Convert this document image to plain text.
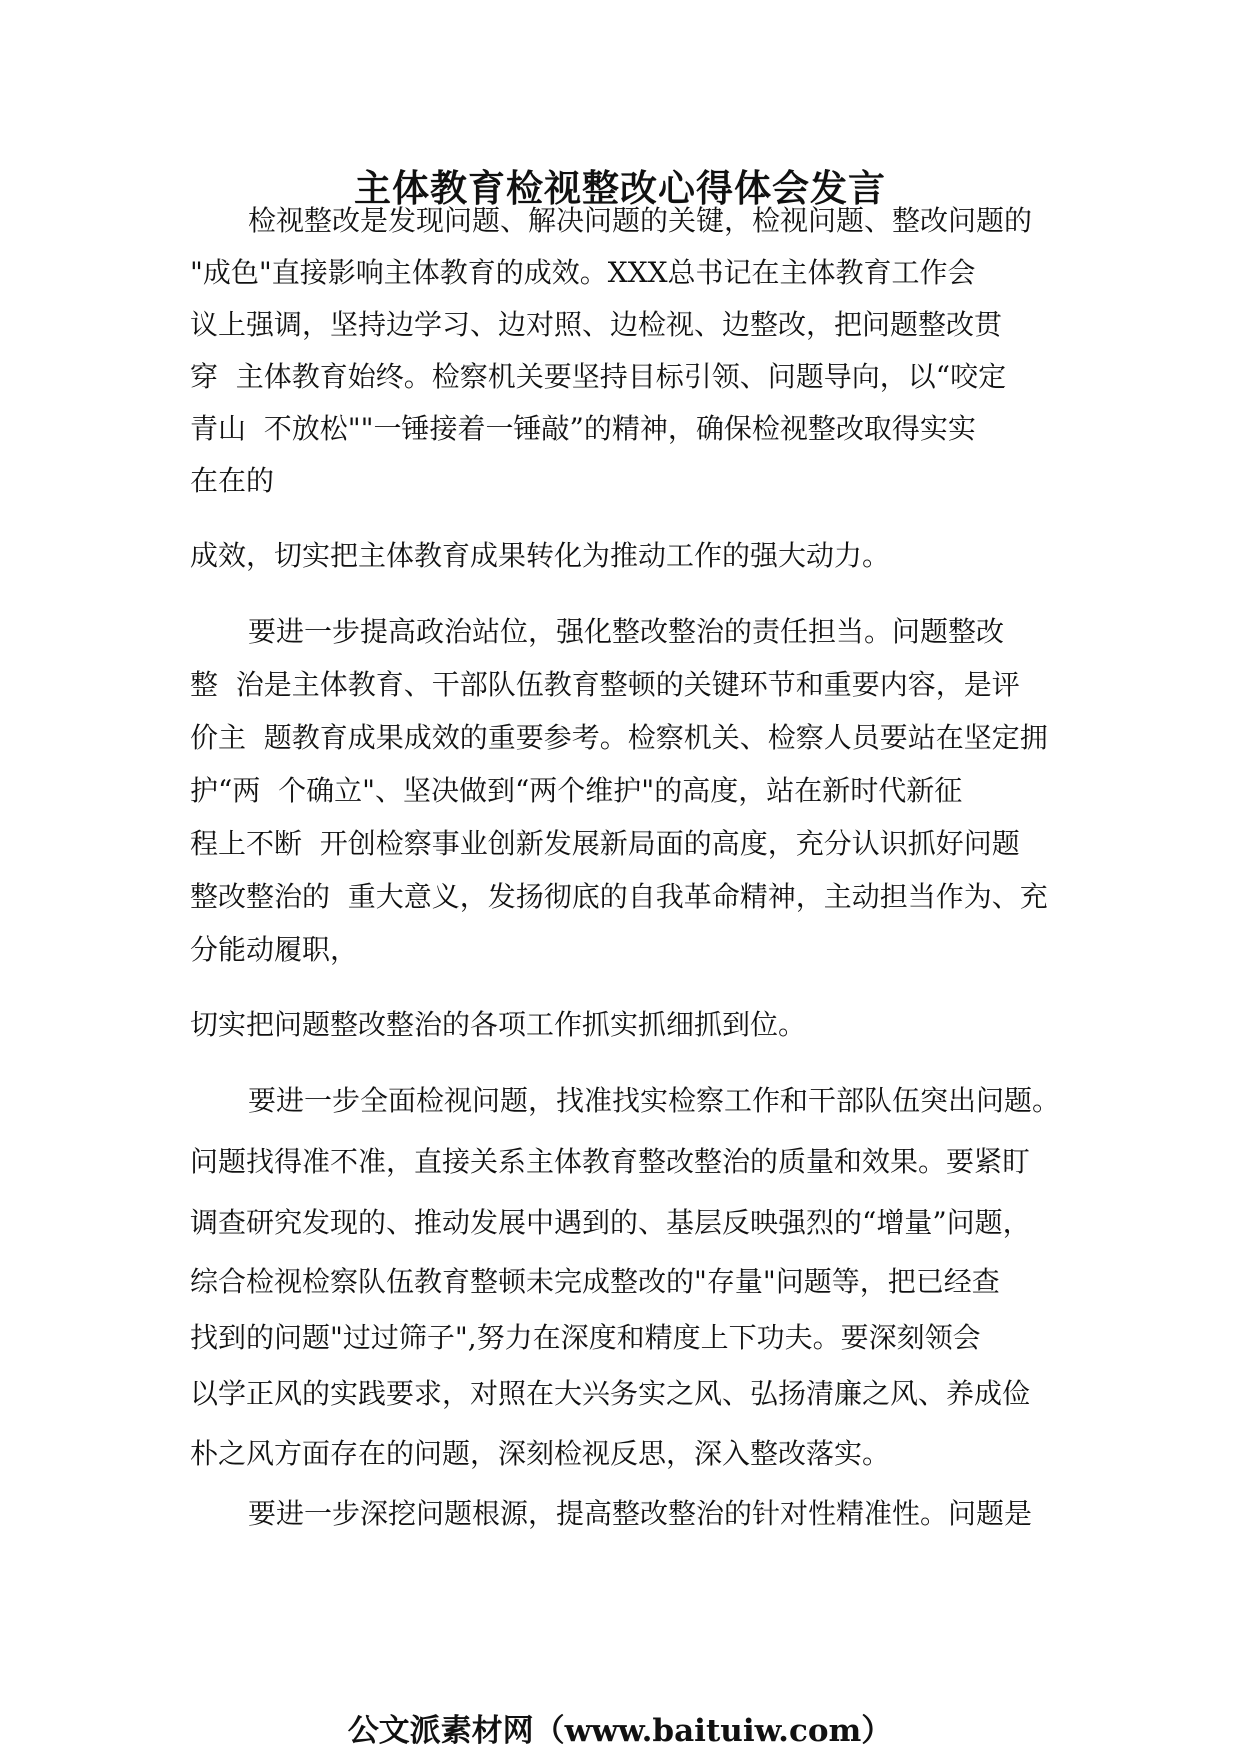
主体教育检视整改心得体会发言
检视整改是发现问题、解决问题的关键，检视问题、整改问题的
"成色"直接影响主体教育的成效。XXX总书记在主体教育工作会
议上强调，坚持边学习、边对照、边检视、边整改，把问题整改贯
穿  主体教育始终。检察机关要坚持目标引领、问题导向，以“咬定
青山  不放松""一锤接着一锤敲”的精神，确保检视整改取得实实
在在的
成效，切实把主体教育成果转化为推动工作的强大动力。
要进一步提高政治站位，强化整改整治的责任担当。问题整改
整  治是主体教育、干部队伍教育整顿的关键环节和重要内容，是评
价主  题教育成果成效的重要参考。检察机关、检察人员要站在坚定拥
护“两  个确立"、坚决做到“两个维护"的高度，站在新时代新征
程上不断  开创检察事业创新发展新局面的高度，充分认识抓好问题
整改整治的  重大意义，发扬彻底的自我革命精神，主动担当作为、充
分能动履职，
切实把问题整改整治的各项工作抓实抓细抓到位。
要进一步全面检视问题，找准找实检察工作和干部队伍突出问题。
问题找得准不准，直接关系主体教育整改整治的质量和效果。要紧盯
调查研究发现的、推动发展中遇到的、基层反映强烈的“增量”问题，
综合检视检察队伍教育整顿未完成整改的"存量"问题等，把已经查
找到的问题"过过筛子",努力在深度和精度上下功夫。要深刻领会
以学正风的实践要求，对照在大兴务实之风、弘扬清廉之风、养成俭
朴之风方面存在的问题，深刻检视反思，深入整改落实。
要进一步深挖问题根源，提高整改整治的针对性精准性。问题是
公文派素材网（www.baituiw.com）
